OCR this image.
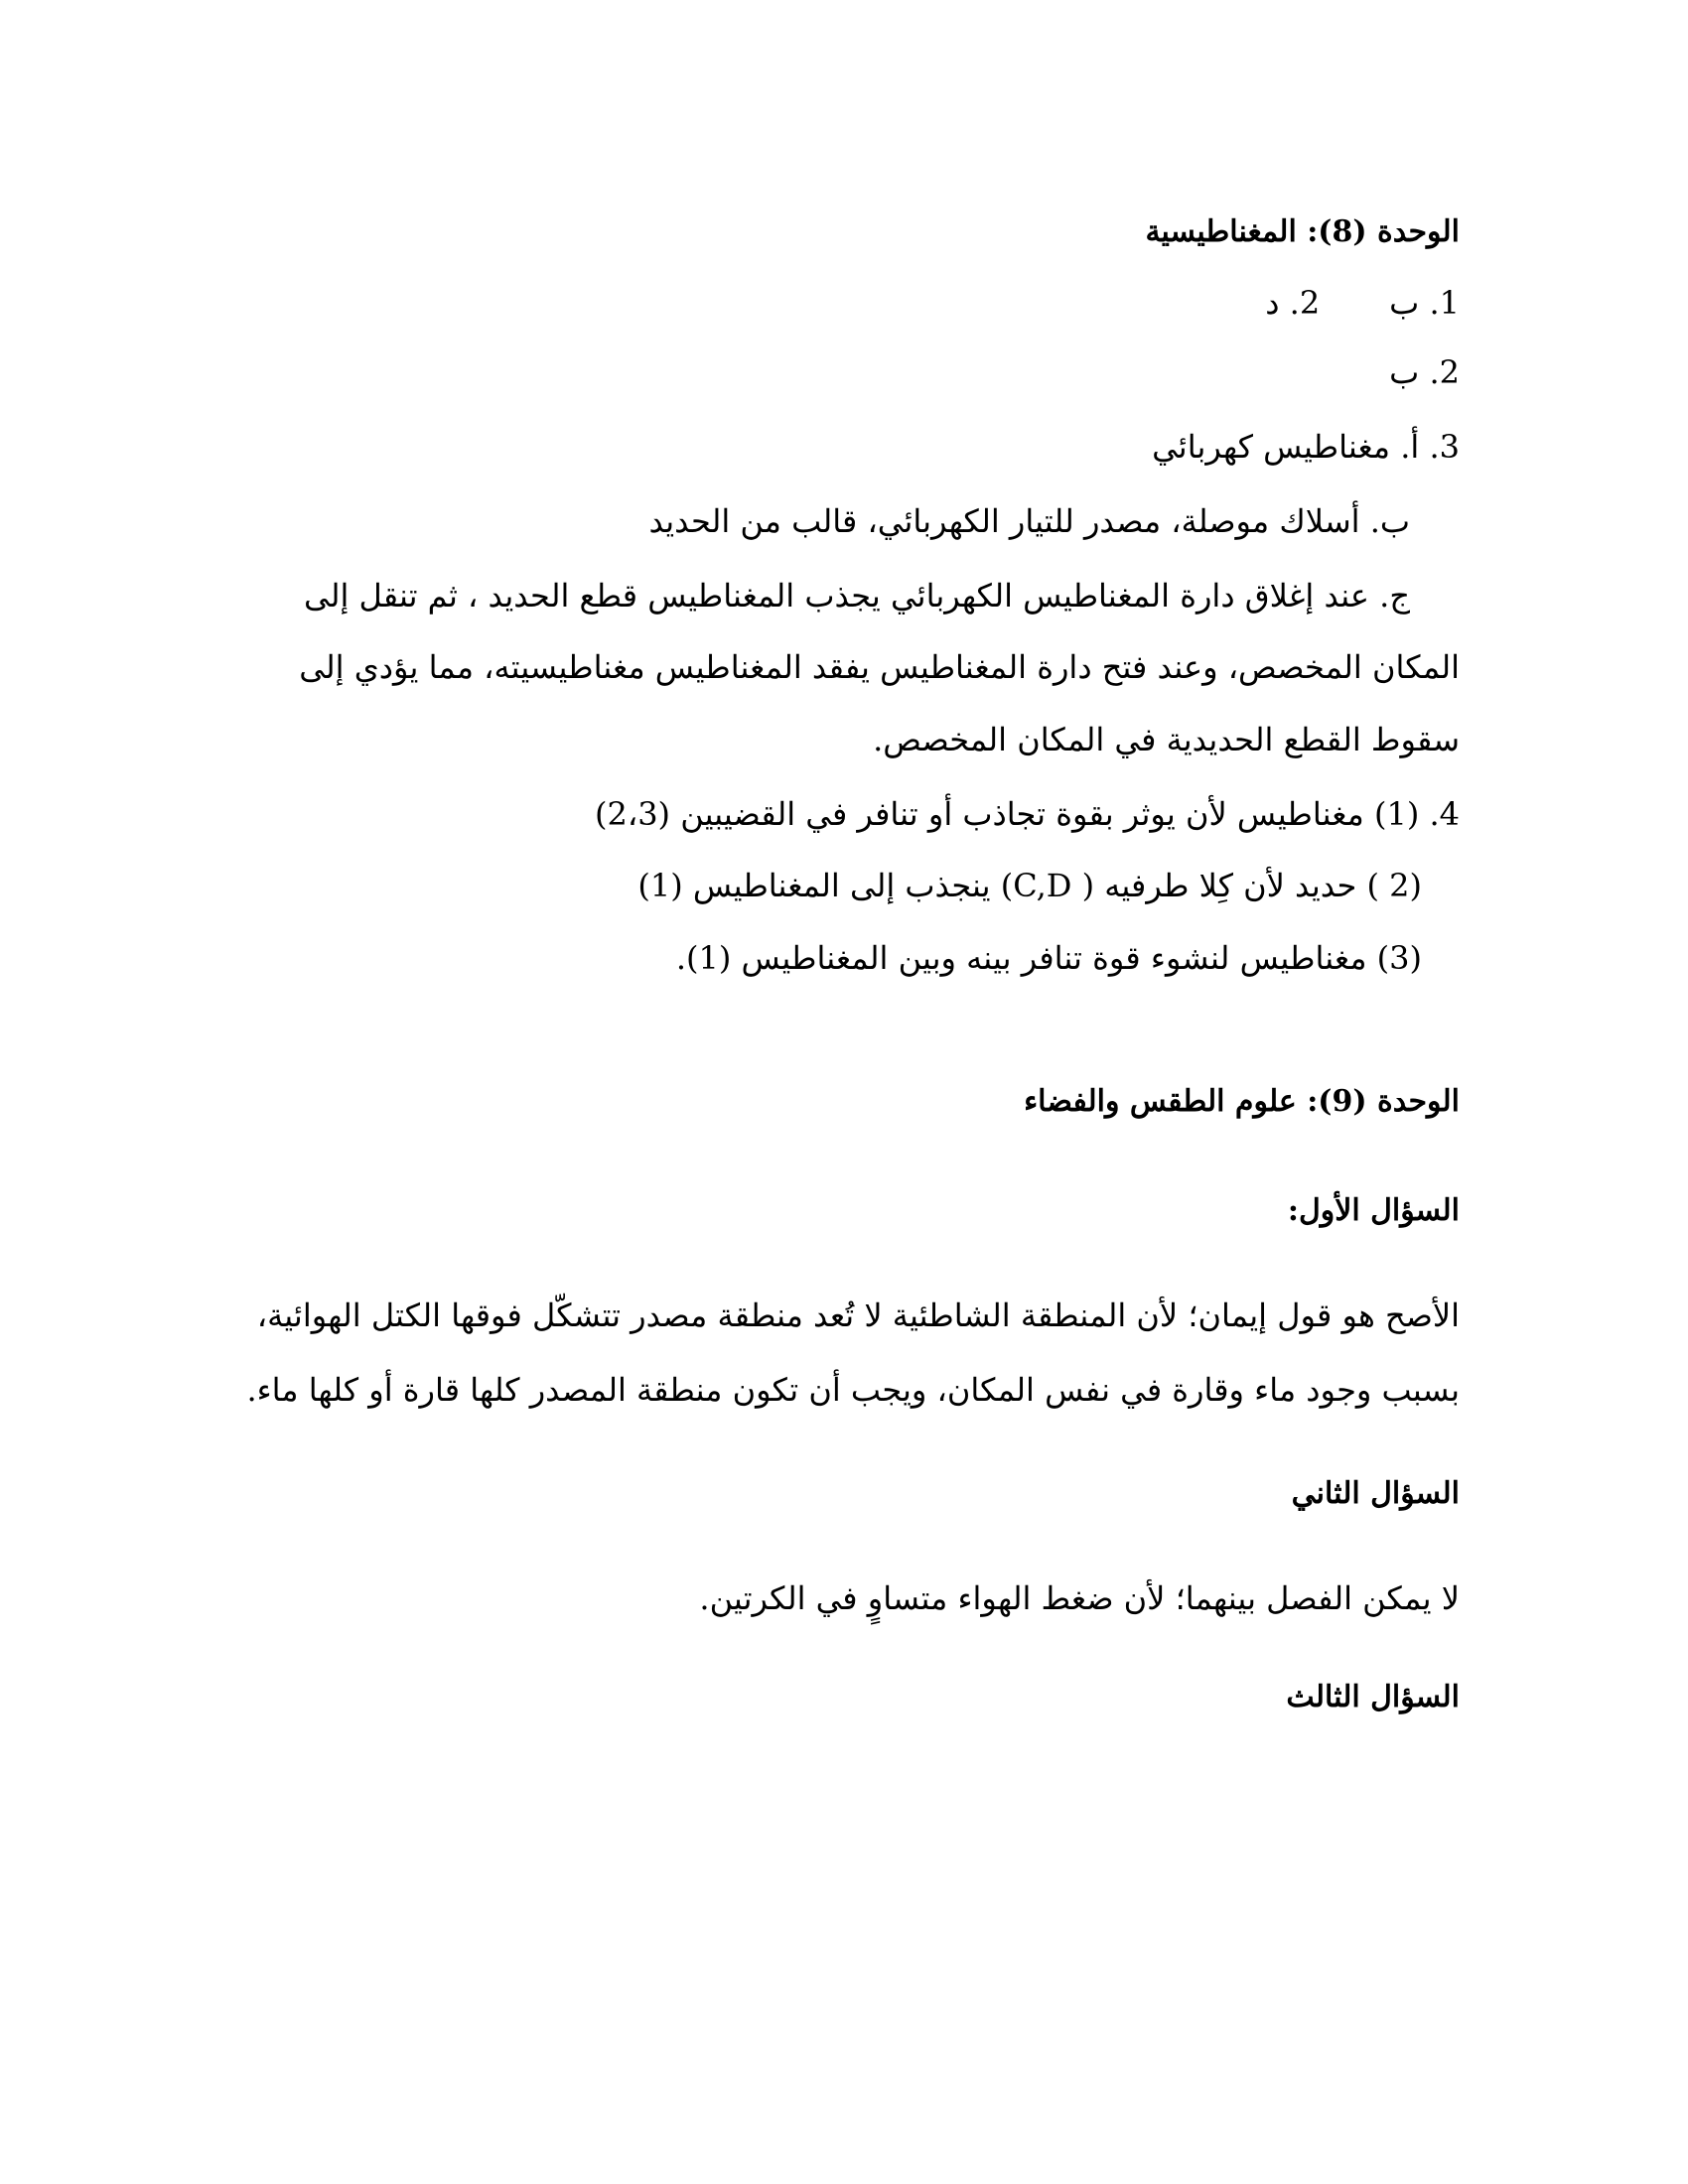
الوحدة (8): المغناطيسية
1. ب2. د
2. ب
3. أ. مغناطيس كهربائي
ب. أسلاك موصلة، مصدر للتيار الكهربائي، قالب من الحديد
ج. عند إغلاق دارة المغناطيس الكهربائي يجذب المغناطيس قطع الحديد ، ثم تنقل إلى
المكان المخصص، وعند فتح دارة المغناطيس يفقد المغناطيس مغناطيسيته، مما يؤدي إلى
سقوط القطع الحديدية في المكان المخصص.
4. (1) مغناطيس لأن يوثر بقوة تجاذب أو تنافر في القضيبين (2،3)
(2 ) حديد لأن كِلا طرفيه ( C,D) ينجذب إلى المغناطيس (1)
(3) مغناطيس لنشوء قوة تنافر بينه وبين المغناطيس (1).
الوحدة (9): علوم الطقس والفضاء
السؤال الأول:
الأصح هو قول إيمان؛ لأن المنطقة الشاطئية لا تُعد منطقة مصدر تتشكّل فوقها الكتل الهوائية،
بسبب وجود ماء وقارة في نفس المكان، ويجب أن تكون منطقة المصدر كلها قارة أو كلها ماء.
السؤال الثاني
لا يمكن الفصل بينهما؛ لأن ضغط الهواء متساوٍ في الكرتين.
السؤال الثالث
